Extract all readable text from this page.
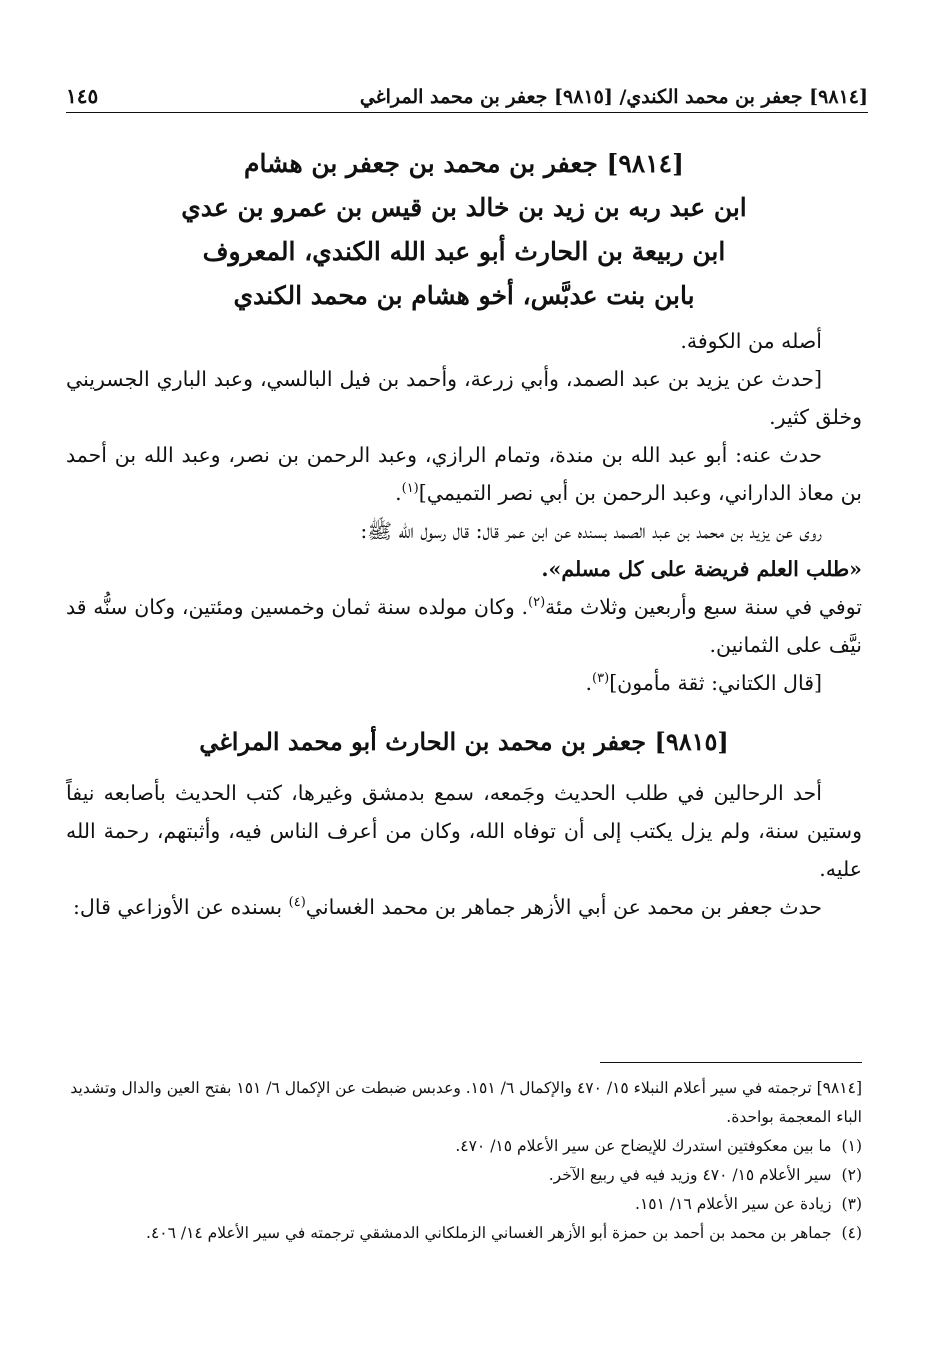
[٩٨١٤] جعفر بن محمد الكندي/ [٩٨١٥] جعفر بن محمد المراغي
١٤٥
[٩٨١٤] جعفر بن محمد بن جعفر بن هشام
ابن عبد ربه بن زيد بن خالد بن قيس بن عمرو بن عدي
ابن ربيعة بن الحارث أبو عبد الله الكندي، المعروف
بابن بنت عدبَّس، أخو هشام بن محمد الكندي

أصله من الكوفة.

[حدث عن يزيد بن عبد الصمد، وأبي زرعة، وأحمد بن فيل البالسي، وعبد الباري الجسريني وخلق كثير.

حدث عنه: أبو عبد الله بن مندة، وتمام الرازي، وعبد الرحمن بن نصر، وعبد الله بن أحمد بن معاذ الداراني، وعبد الرحمن بن أبي نصر التميمي]$^{(١)}$.

روى عن يزيد بن محمد بن عبد الصمد بسنده عن ابن عمر قال: قال رسول الله ﷺ:

«طلب العلم فريضة على كل مسلم».

توفي في سنة سبع وأربعين وثلاث مئة$^{(٢)}$. وكان مولده سنة ثمان وخمسين ومئتين، وكان سنُّه قد نيَّف على الثمانين.

[قال الكتاني: ثقة مأمون]$^{(٣)}$.

[٩٨١٥] جعفر بن محمد بن الحارث أبو محمد المراغي

أحد الرحالين في طلب الحديث وجَمعه، سمع بدمشق وغيرها، كتب الحديث بأصابعه نيفاً وستين سنة، ولم يزل يكتب إلى أن توفاه الله، وكان من أعرف الناس فيه، وأثبتهم، رحمة الله عليه.

حدث جعفر بن محمد عن أبي الأزهر جماهر بن محمد الغساني$^{(٤)}$ بسنده عن الأوزاعي قال:

[٩٨١٤] ترجمته في سير أعلام النبلاء ١٥/ ٤٧٠ والإكمال ٦/ ١٥١. وعدبس ضبطت عن الإكمال ٦/ ١٥١ بفتح العين والدال وتشديد الباء المعجمة بواحدة.

(١)
ما بين معكوفتين استدرك للإيضاح عن سير الأعلام ١٥/ ٤٧٠.
(٢)
سير الأعلام ١٥/ ٤٧٠ وزيد فيه في ربيع الآخر.
(٣)
زيادة عن سير الأعلام ١٦/ ١٥١.
(٤)
جماهر بن محمد بن أحمد بن حمزة أبو الأزهر الغساني الزملكاني الدمشقي ترجمته في سير الأعلام ١٤/ ٤٠٦.
